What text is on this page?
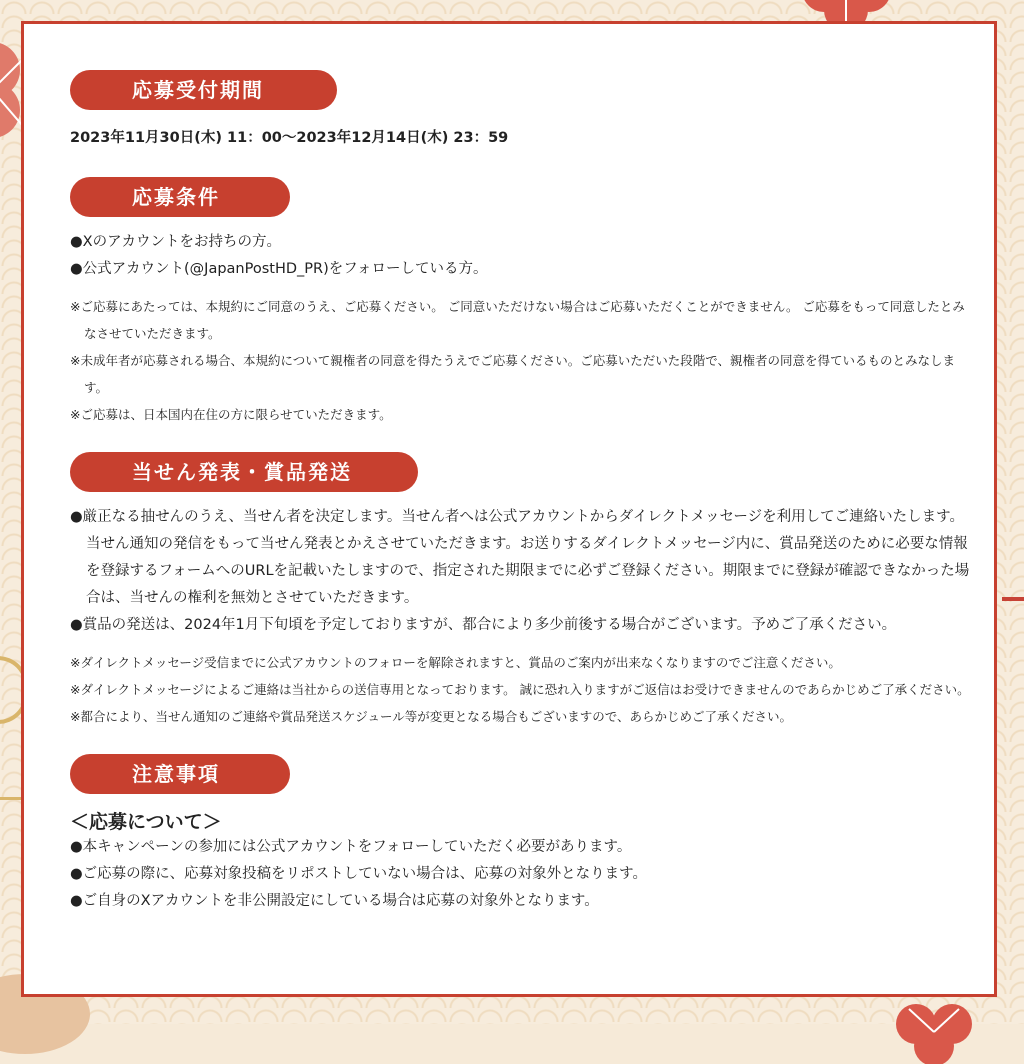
応募受付期間
2023年11月30日(木) 11：00〜2023年12月14日(木) 23：59
応募条件
●Xのアカウントをお持ちの方。
●公式アカウント(@JapanPostHD_PR)をフォローしている方。
※ご応募にあたっては、本規約にご同意のうえ、ご応募ください。 ご同意いただけない場合はご応募いただくことができません。 ご応募をもって同意したとみなさせていただきます。
※未成年者が応募される場合、本規約について親権者の同意を得たうえでご応募ください。ご応募いただいた段階で、親権者の同意を得ているものとみなします。
※ご応募は、日本国内在住の方に限らせていただきます。
当せん発表・賞品発送
●厳正なる抽せんのうえ、当せん者を決定します。当せん者へは公式アカウントからダイレクトメッセージを利用してご連絡いたします。当せん通知の発信をもって当せん発表とかえさせていただきます。お送りするダイレクトメッセージ内に、賞品発送のために必要な情報を登録するフォームへのURLを記載いたしますので、指定された期限までに必ずご登録ください。期限までに登録が確認できなかった場合は、当せんの権利を無効とさせていただきます。
●賞品の発送は、2024年1月下旬頃を予定しておりますが、都合により多少前後する場合がございます。予めご了承ください。
※ダイレクトメッセージ受信までに公式アカウントのフォローを解除されますと、賞品のご案内が出来なくなりますのでご注意ください。
※ダイレクトメッセージによるご連絡は当社からの送信専用となっております。 誠に恐れ入りますがご返信はお受けできませんのであらかじめご了承ください。
※都合により、当せん通知のご連絡や賞品発送スケジュール等が変更となる場合もございますので、あらかじめご了承ください。
注意事項
＜応募について＞
●本キャンペーンの参加には公式アカウントをフォローしていただく必要があります。
●ご応募の際に、応募対象投稿をリポストしていない場合は、応募の対象外となります。
●ご自身のXアカウントを非公開設定にしている場合は応募の対象外となります。
